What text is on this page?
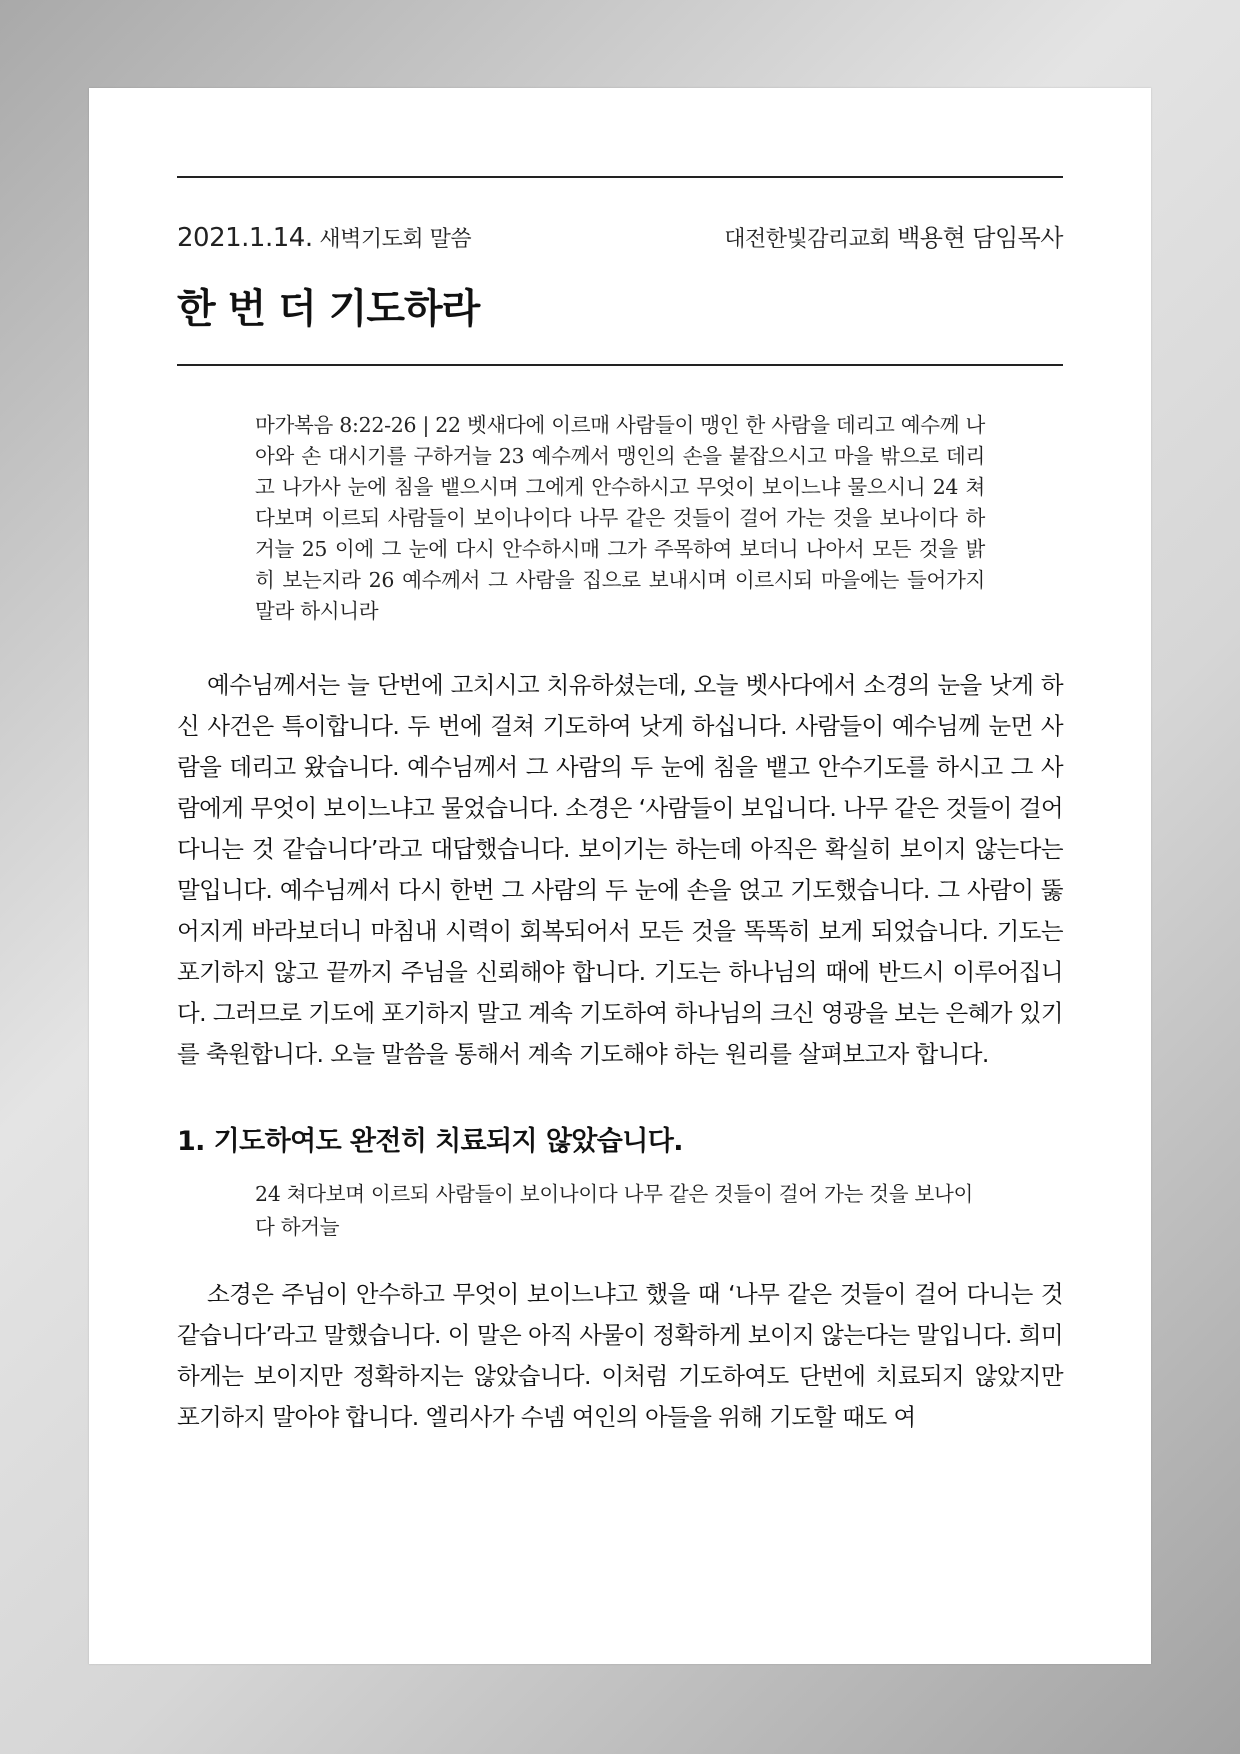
2021.1.14. 새벽기도회 말씀	대전한빛감리교회 백용현 담임목사
한 번 더 기도하라
마가복음 8:22-26 | 22 벳새다에 이르매 사람들이 맹인 한 사람을 데리고 예수께 나아와 손 대시기를 구하거늘 23 예수께서 맹인의 손을 붙잡으시고 마을 밖으로 데리고 나가사 눈에 침을 뱉으시며 그에게 안수하시고 무엇이 보이느냐 물으시니 24 쳐다보며 이르되 사람들이 보이나이다 나무 같은 것들이 걸어 가는 것을 보나이다 하거늘 25 이에 그 눈에 다시 안수하시매 그가 주목하여 보더니 나아서 모든 것을 밝히 보는지라 26 예수께서 그 사람을 집으로 보내시며 이르시되 마을에는 들어가지 말라 하시니라
예수님께서는 늘 단번에 고치시고 치유하셨는데, 오늘 벳사다에서 소경의 눈을 낫게 하신 사건은 특이합니다. 두 번에 걸쳐 기도하여 낫게 하십니다. 사람들이 예수님께 눈먼 사람을 데리고 왔습니다. 예수님께서 그 사람의 두 눈에 침을 뱉고 안수기도를 하시고 그 사람에게 무엇이 보이느냐고 물었습니다. 소경은 ‘사람들이 보입니다. 나무 같은 것들이 걸어 다니는 것 같습니다’라고 대답했습니다. 보이기는 하는데 아직은 확실히 보이지 않는다는 말입니다. 예수님께서 다시 한번 그 사람의 두 눈에 손을 얹고 기도했습니다. 그 사람이 뚫어지게 바라보더니 마침내 시력이 회복되어서 모든 것을 똑똑히 보게 되었습니다. 기도는 포기하지 않고 끝까지 주님을 신뢰해야 합니다. 기도는 하나님의 때에 반드시 이루어집니다. 그러므로 기도에 포기하지 말고 계속 기도하여 하나님의 크신 영광을 보는 은혜가 있기를 축원합니다. 오늘 말씀을 통해서 계속 기도해야 하는 원리를 살펴보고자 합니다.
1. 기도하여도 완전히 치료되지 않았습니다.
24 쳐다보며 이르되 사람들이 보이나이다 나무 같은 것들이 걸어 가는 것을 보나이다 하거늘
소경은 주님이 안수하고 무엇이 보이느냐고 했을 때 ‘나무 같은 것들이 걸어 다니는 것 같습니다’라고 말했습니다. 이 말은 아직 사물이 정확하게 보이지 않는다는 말입니다. 희미하게는 보이지만 정확하지는 않았습니다. 이처럼 기도하여도 단번에 치료되지 않았지만 포기하지 말아야 합니다. 엘리사가 수넴 여인의 아들을 위해 기도할 때도 여
